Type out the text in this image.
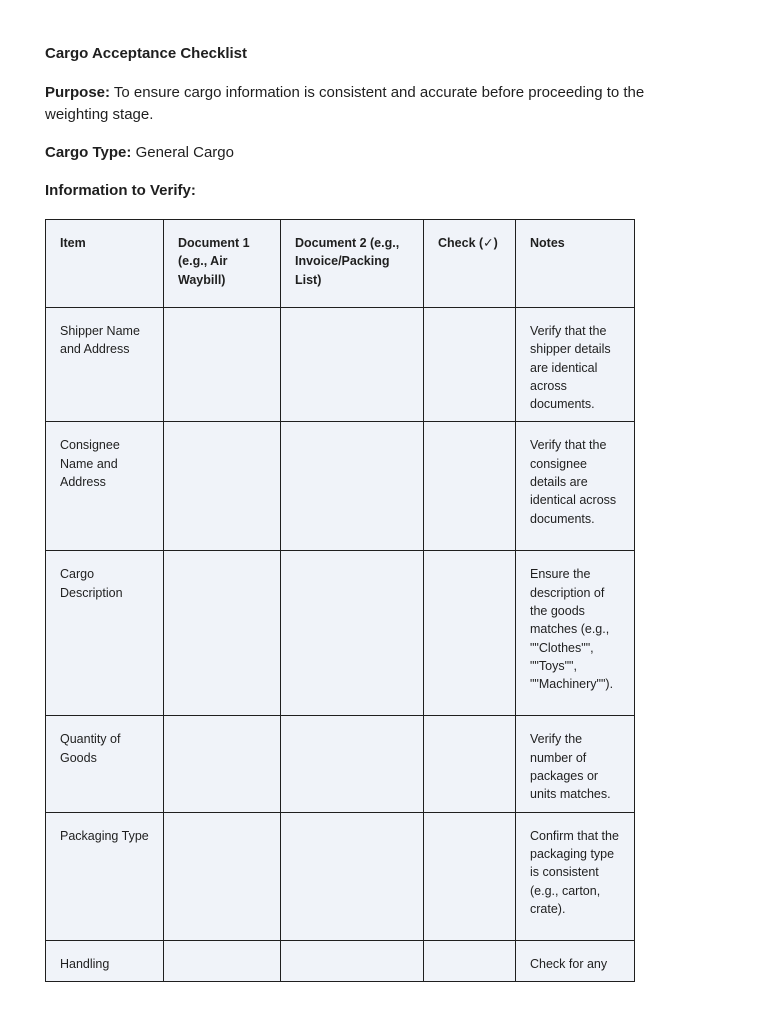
Cargo Acceptance Checklist

Purpose: To ensure cargo information is consistent and accurate before proceeding to the weighting stage.

Cargo Type: General Cargo

Information to Verify:

Item	Document 1 (e.g., Air Waybill)	Document 2 (e.g., Invoice/Packing List)	Check (✓)	Notes
Shipper Name and Address				Verify that the shipper details are identical across documents.
Consignee Name and Address				Verify that the consignee details are identical across documents.
Cargo Description				Ensure the description of the goods matches (e.g., ""Clothes"", ""Toys"", ""Machinery"").
Quantity of Goods				Verify the number of packages or units matches.
Packaging Type				Confirm that the packaging type is consistent (e.g., carton, crate).
Handling				Check for any
